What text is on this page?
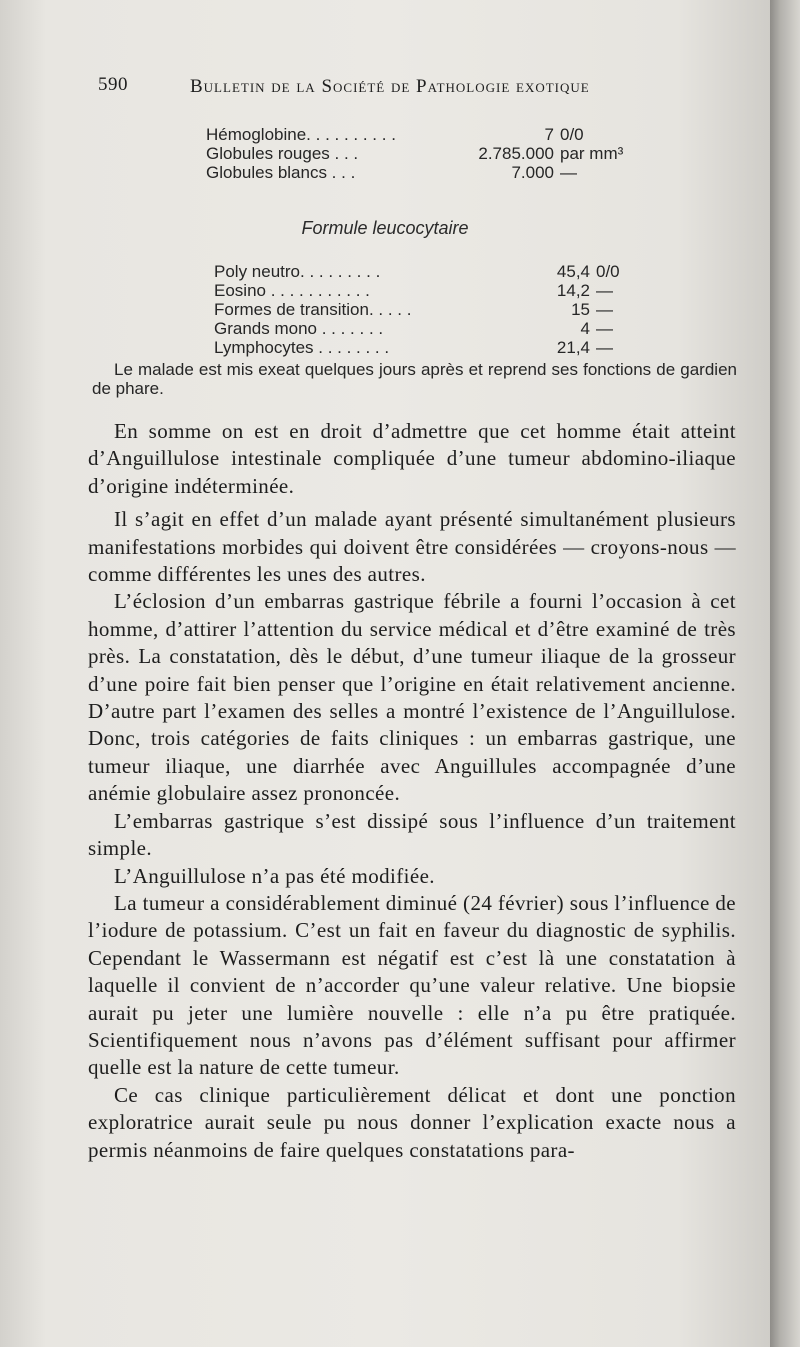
590	Bulletin de la Société de Pathologie exotique
Hémoglobine. . . . . . . . . .	7	0/0
Globules rouges . . .	2.785.000	par mm³
Globules blancs . . .	7.000	—
Formule leucocytaire
Poly neutro. . . . . . . . .	45,4	0/0
Eosino . . . . . . . . . . .	14,2	—
Formes de transition. . . . .	15	—
Grands mono . . . . . . .	4	—
Lymphocytes . . . . . . . .	21,4	—
Le malade est mis exeat quelques jours après et reprend ses fonctions de gardien de phare.

En somme on est en droit d’admettre que cet homme était atteint d’Anguillulose intestinale compliquée d’une tumeur abdomino-iliaque d’origine indéterminée.

Il s’agit en effet d’un malade ayant présenté simultanément plusieurs manifestations morbides qui doivent être considérées — croyons-nous — comme différentes les unes des autres.

L’éclosion d’un embarras gastrique fébrile a fourni l’occasion à cet homme, d’attirer l’attention du service médical et d’être examiné de très près. La constatation, dès le début, d’une tumeur iliaque de la grosseur d’une poire fait bien penser que l’origine en était relativement ancienne. D’autre part l’examen des selles a montré l’existence de l’Anguillulose. Donc, trois catégories de faits cliniques : un embarras gastrique, une tumeur iliaque, une diarrhée avec Anguillules accompagnée d’une anémie globulaire assez prononcée.

L’embarras gastrique s’est dissipé sous l’influence d’un traitement simple.

L’Anguillulose n’a pas été modifiée.

La tumeur a considérablement diminué (24 février) sous l’influence de l’iodure de potassium. C’est un fait en faveur du diagnostic de syphilis. Cependant le Wassermann est négatif est c’est là une constatation à laquelle il convient de n’accorder qu’une valeur relative. Une biopsie aurait pu jeter une lumière nouvelle : elle n’a pu être pratiquée. Scientifiquement nous n’avons pas d’élément suffisant pour affirmer quelle est la nature de cette tumeur.

Ce cas clinique particulièrement délicat et dont une ponction exploratrice aurait seule pu nous donner l’explication exacte nous a permis néanmoins de faire quelques constatations para-
